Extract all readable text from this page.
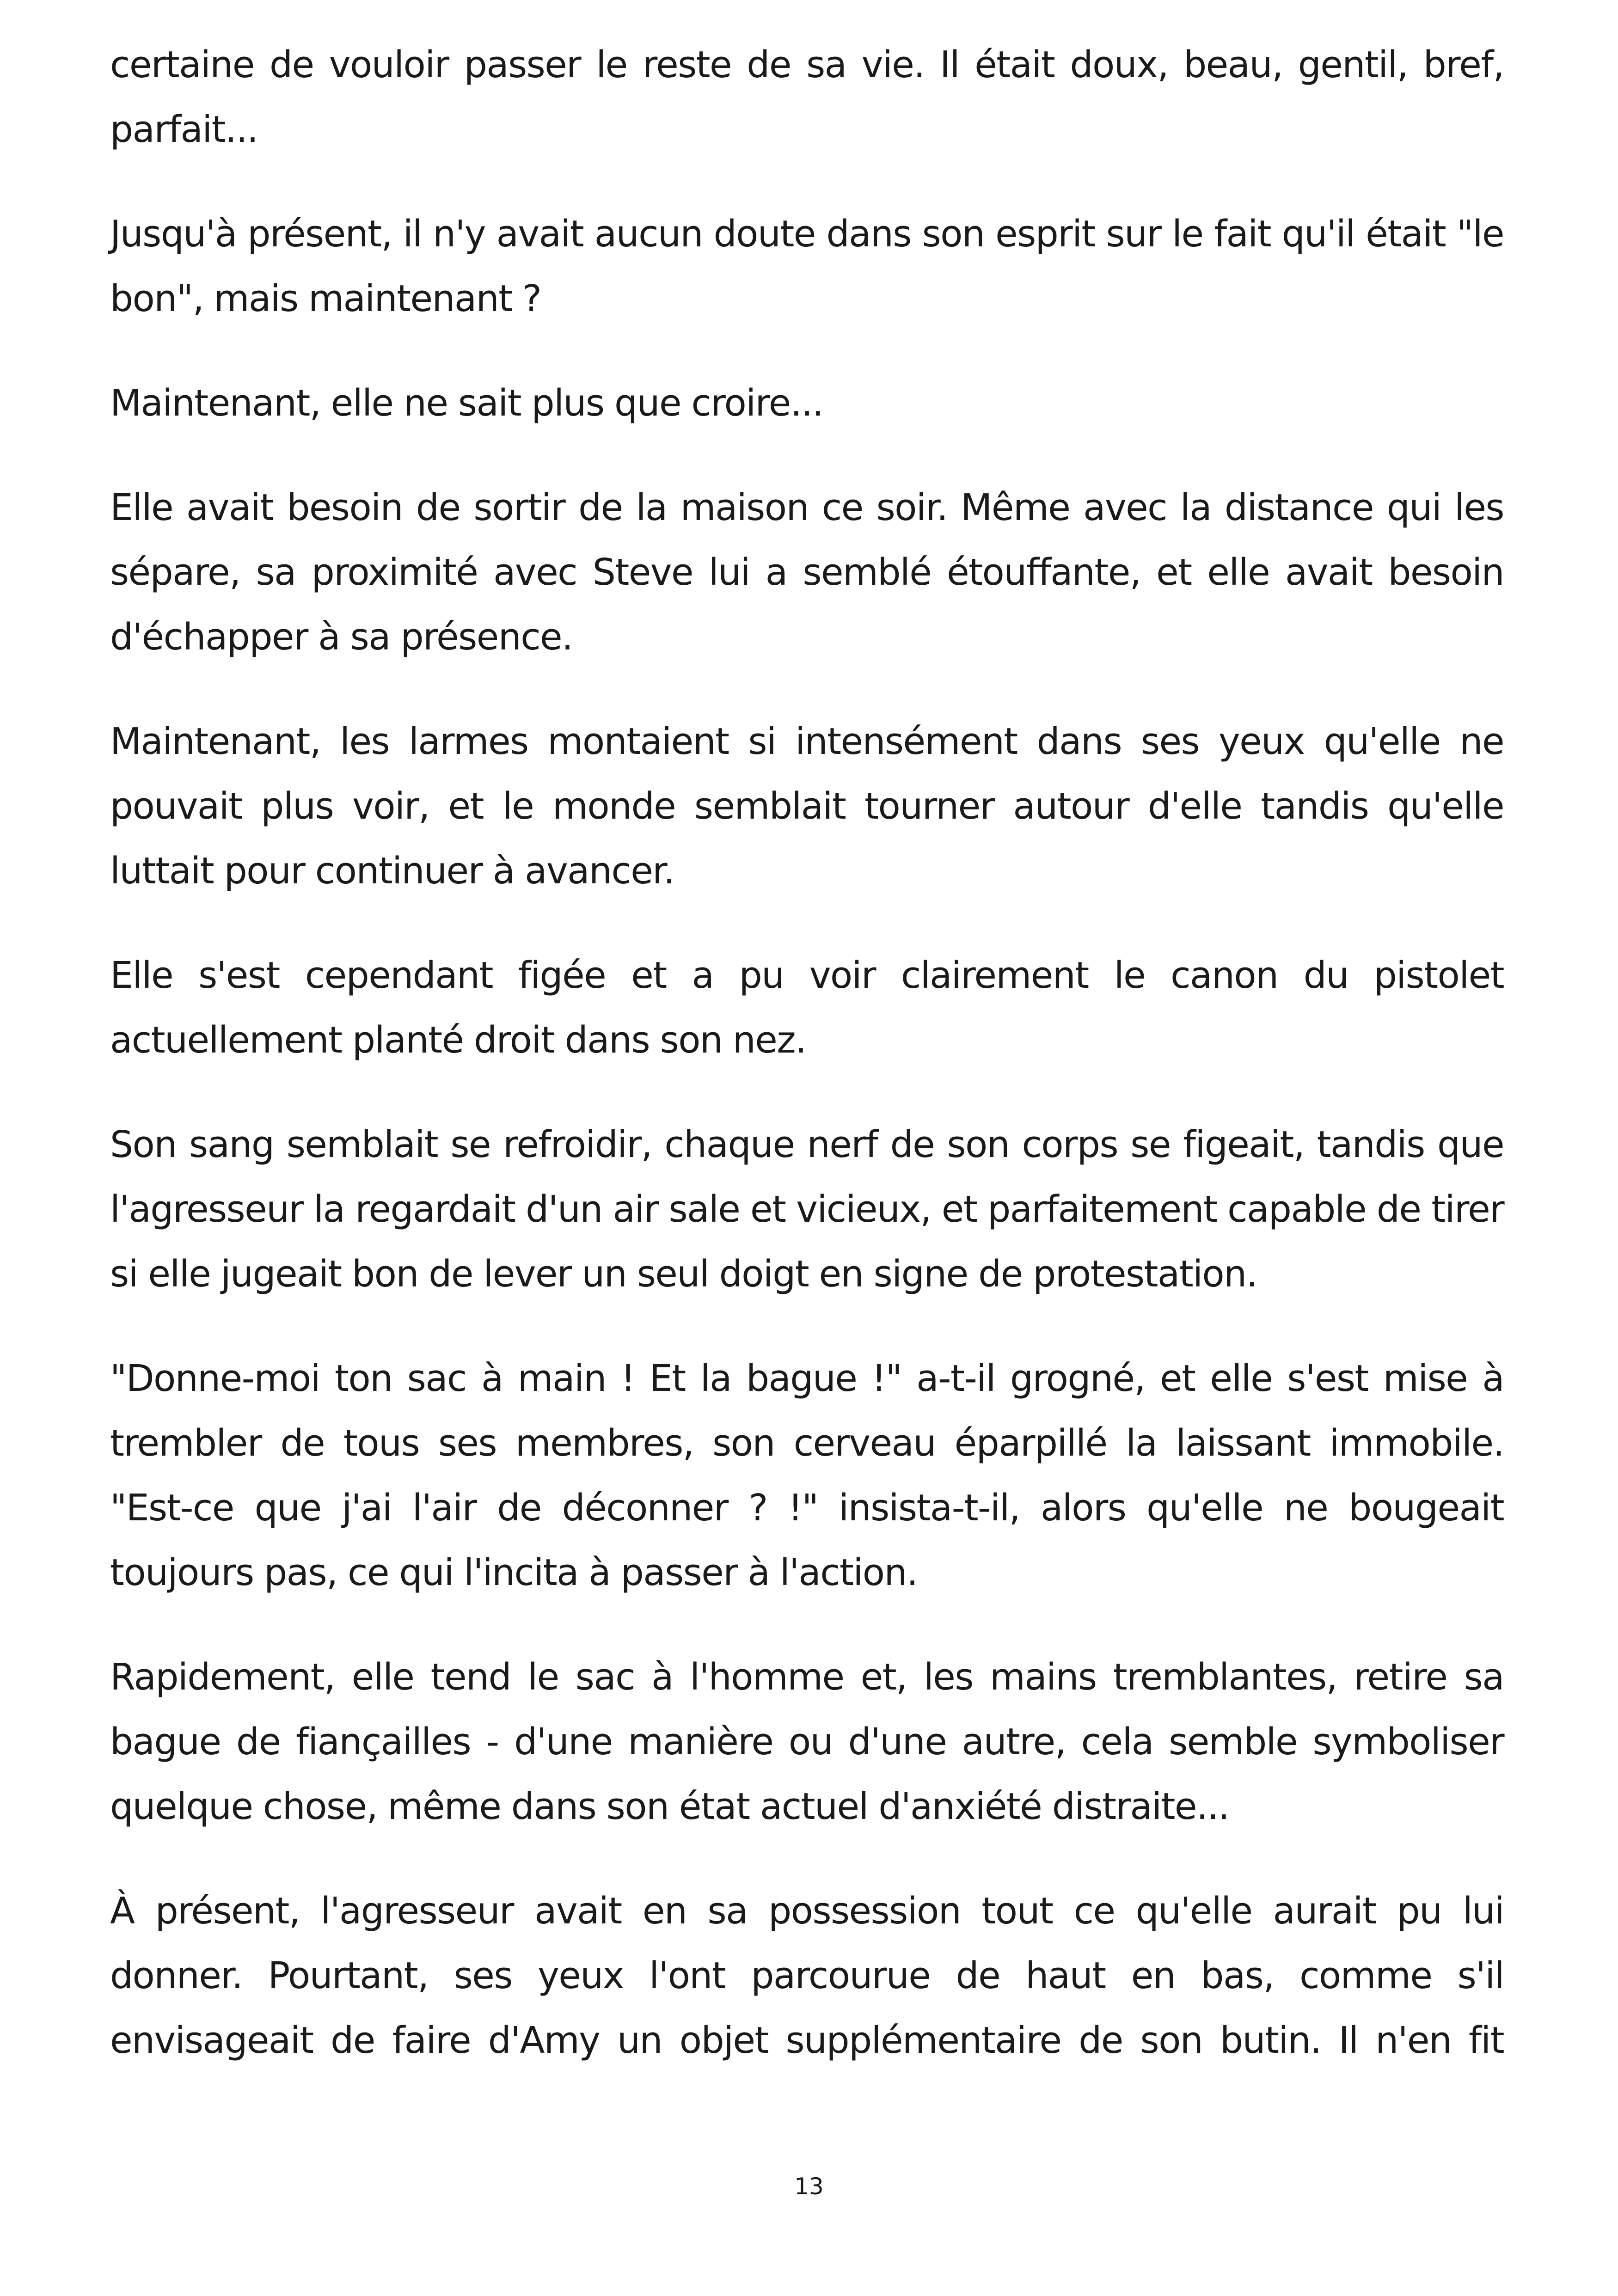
certaine de vouloir passer le reste de sa vie. Il était doux, beau, gentil, bref, parfait...

Jusqu'à présent, il n'y avait aucun doute dans son esprit sur le fait qu'il était "le bon", mais maintenant ?

Maintenant, elle ne sait plus que croire...

Elle avait besoin de sortir de la maison ce soir. Même avec la distance qui les sépare, sa proximité avec Steve lui a semblé étouffante, et elle avait besoin d'échapper à sa présence.

Maintenant, les larmes montaient si intensément dans ses yeux qu'elle ne pouvait plus voir, et le monde semblait tourner autour d'elle tandis qu'elle luttait pour continuer à avancer.

Elle s'est cependant figée et a pu voir clairement le canon du pistolet actuellement planté droit dans son nez.

Son sang semblait se refroidir, chaque nerf de son corps se figeait, tandis que l'agresseur la regardait d'un air sale et vicieux, et parfaitement capable de tirer si elle jugeait bon de lever un seul doigt en signe de protestation.

"Donne-moi ton sac à main ! Et la bague !" a-t-il grogné, et elle s'est mise à trembler de tous ses membres, son cerveau éparpillé la laissant immobile. "Est-ce que j'ai l'air de déconner ? !" insista-t-il, alors qu'elle ne bougeait toujours pas, ce qui l'incita à passer à l'action.

Rapidement, elle tend le sac à l'homme et, les mains tremblantes, retire sa bague de fiançailles - d'une manière ou d'une autre, cela semble symboliser quelque chose, même dans son état actuel d'anxiété distraite...

À présent, l'agresseur avait en sa possession tout ce qu'elle aurait pu lui donner. Pourtant, ses yeux l'ont parcourue de haut en bas, comme s'il envisageait de faire d'Amy un objet supplémentaire de son butin. Il n'en fit

13
